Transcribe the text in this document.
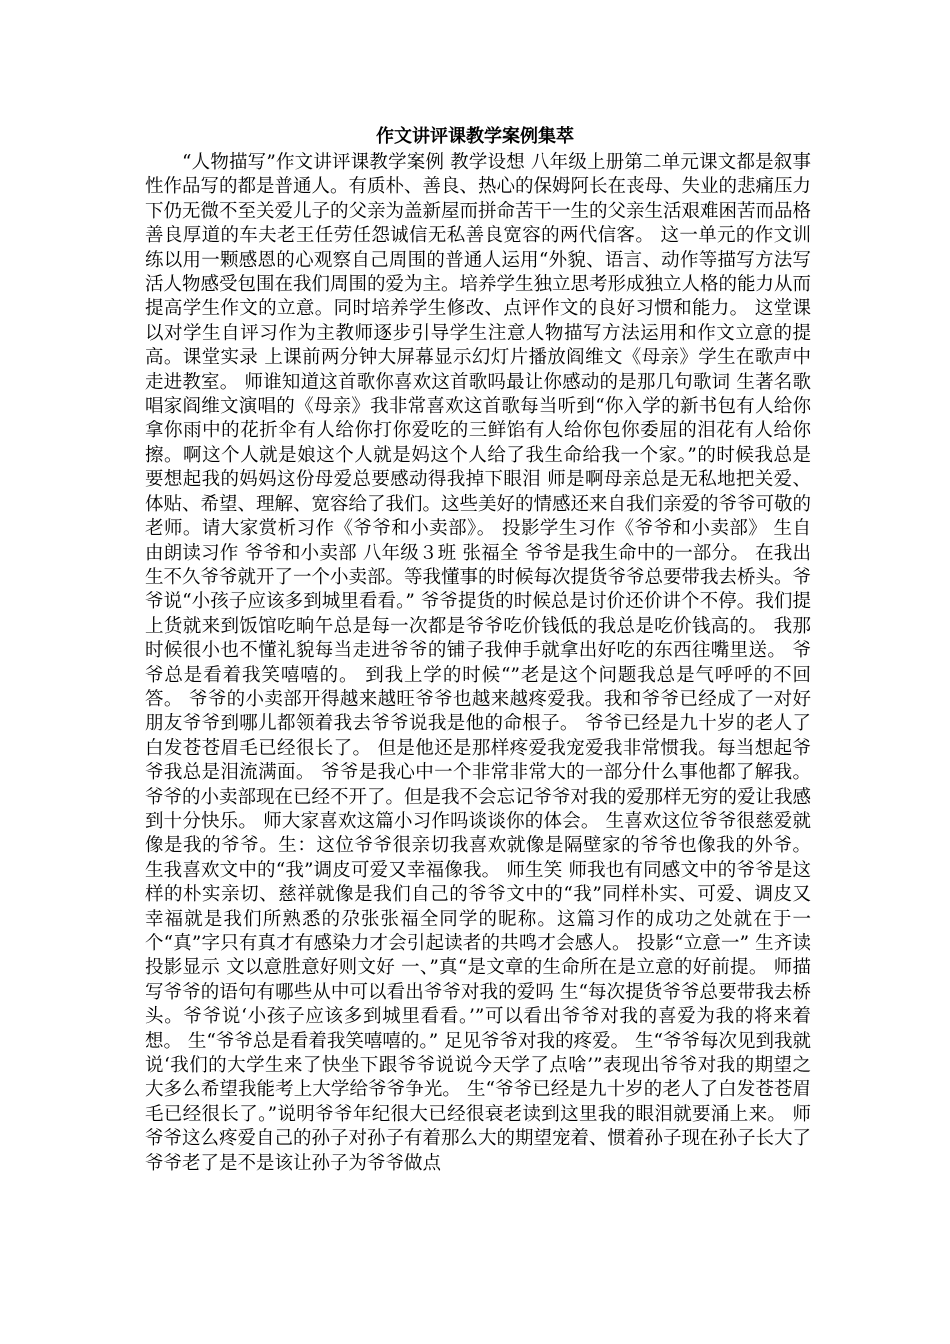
作文讲评课教学案例集萃

“人物描写”作文讲评课教学案例 教学设想 八年级上册第二单元课文都是叙事性作品写的都是普通人。有质朴、善良、热心的保姆阿长在丧母、失业的悲痛压力下仍无微不至关爱儿子的父亲为盖新屋而拼命苦干一生的父亲生活艰难困苦而品格善良厚道的车夫老王任劳任怨诚信无私善良宽容的两代信客。 这一单元的作文训练以用一颗感恩的心观察自己周围的普通人运用“外貌、语言、动作等描写方法写活人物感受包围在我们周围的爱为主。培养学生独立思考形成独立人格的能力从而提高学生作文的立意。同时培养学生修改、点评作文的良好习惯和能力。 这堂课以对学生自评习作为主教师逐步引导学生注意人物描写方法运用和作文立意的提高。课堂实录 上课前两分钟大屏幕显示幻灯片播放阎维文《母亲》学生在歌声中走进教室。 师谁知道这首歌你喜欢这首歌吗最让你感动的是那几句歌词 生著名歌唱家阎维文演唱的《母亲》我非常喜欢这首歌每当听到“你入学的新书包有人给你拿你雨中的花折伞有人给你打你爱吃的三鲜馅有人给你包你委屈的泪花有人给你擦。啊这个人就是娘这个人就是妈这个人给了我生命给我一个家。”的时候我总是要想起我的妈妈这份母爱总要感动得我掉下眼泪 师是啊母亲总是无私地把关爱、体贴、希望、理解、宽容给了我们。这些美好的情感还来自我们亲爱的爷爷可敬的老师。请大家赏析习作《爷爷和小卖部》。 投影学生习作《爷爷和小卖部》 生自由朗读习作 爷爷和小卖部 八年级３班 张福全 爷爷是我生命中的一部分。 在我出生不久爷爷就开了一个小卖部。等我懂事的时候每次提货爷爷总要带我去桥头。爷爷说“小孩子应该多到城里看看。” 爷爷提货的时候总是讨价还价讲个不停。我们提上货就来到饭馆吃晌午总是每一次都是爷爷吃价钱低的我总是吃价钱高的。 我那时候很小也不懂礼貌每当走进爷爷的铺子我伸手就拿出好吃的东西往嘴里送。 爷爷总是看着我笑嘻嘻的。 到我上学的时候“”老是这个问题我总是气呼呼的不回答。 爷爷的小卖部开得越来越旺爷爷也越来越疼爱我。我和爷爷已经成了一对好朋友爷爷到哪儿都领着我去爷爷说我是他的命根子。 爷爷已经是九十岁的老人了白发苍苍眉毛已经很长了。 但是他还是那样疼爱我宠爱我非常惯我。每当想起爷爷我总是泪流满面。 爷爷是我心中一个非常非常大的一部分什么事他都了解我。 爷爷的小卖部现在已经不开了。但是我不会忘记爷爷对我的爱那样无穷的爱让我感到十分快乐。 师大家喜欢这篇小习作吗谈谈你的体会。 生喜欢这位爷爷很慈爱就像是我的爷爷。生：这位爷爷很亲切我喜欢就像是隔壁家的爷爷也像我的外爷。 生我喜欢文中的“我”调皮可爱又幸福像我。 师生笑 师我也有同感文中的爷爷是这样的朴实亲切、慈祥就像是我们自己的爷爷文中的“我”同样朴实、可爱、调皮又幸福就是我们所熟悉的尕张张福全同学的昵称。这篇习作的成功之处就在于一个“真”字只有真才有感染力才会引起读者的共鸣才会感人。 投影“立意一” 生齐读投影显示 文以意胜意好则文好 一、”真“是文章的生命所在是立意的好前提。 师描写爷爷的语句有哪些从中可以看出爷爷对我的爱吗 生“每次提货爷爷总要带我去桥头。爷爷说‘小孩子应该多到城里看看。’”可以看出爷爷对我的喜爱为我的将来着想。 生“爷爷总是看着我笑嘻嘻的。” 足见爷爷对我的疼爱。 生“爷爷每次见到我就说‘我们的大学生来了快坐下跟爷爷说说今天学了点啥’”表现出爷爷对我的期望之大多么希望我能考上大学给爷爷争光。 生“爷爷已经是九十岁的老人了白发苍苍眉毛已经很长了。”说明爷爷年纪很大已经很衰老读到这里我的眼泪就要涌上来。 师爷爷这么疼爱自己的孙子对孙子有着那么大的期望宠着、惯着孙子现在孙子长大了爷爷老了是不是该让孙子为爷爷做点
